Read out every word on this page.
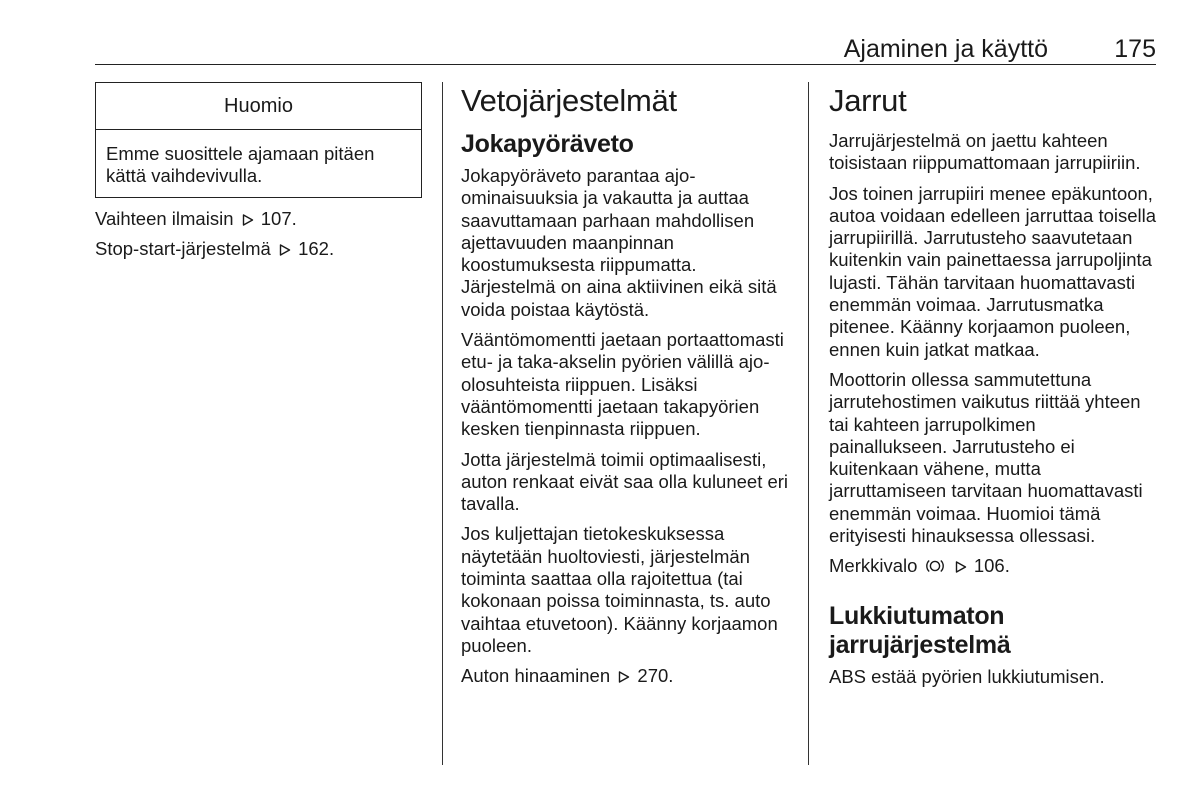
Ajaminen ja käyttö	175
Huomio
Emme suosittele ajamaan pitäen kättä vaihdevivulla.

Vaihteen ilmaisin 107.

Stop-start-järjestelmä 162.

Vetojärjestelmät
Jokapyöräveto

Jokapyöräveto parantaa ajo-ominaisuuksia ja vakautta ja auttaa saavuttamaan parhaan mahdollisen ajettavuuden maanpinnan koostumuksesta riippumatta. Järjestelmä on aina aktiivinen eikä sitä voida poistaa käytöstä.

Vääntömomentti jaetaan portaattomasti etu- ja taka-akselin pyörien välillä ajo-olosuhteista riippuen. Lisäksi vääntömomentti jaetaan takapyörien kesken tienpinnasta riippuen.

Jotta järjestelmä toimii optimaalisesti, auton renkaat eivät saa olla kuluneet eri tavalla.

Jos kuljettajan tietokeskuksessa näytetään huoltoviesti, järjestelmän toiminta saattaa olla rajoitettua (tai kokonaan poissa toiminnasta, ts. auto vaihtaa etuvetoon). Käänny korjaamon puoleen.

Auton hinaaminen 270.

Jarrut

Jarrujärjestelmä on jaettu kahteen toisistaan riippumattomaan jarrupiiriin.

Jos toinen jarrupiiri menee epäkuntoon, autoa voidaan edelleen jarruttaa toisella jarrupiirillä. Jarrutusteho saavutetaan kuitenkin vain painettaessa jarrupoljinta lujasti. Tähän tarvitaan huomattavasti enemmän voimaa. Jarrutusmatka pitenee. Käänny korjaamon puoleen, ennen kuin jatkat matkaa.

Moottorin ollessa sammutettuna jarrutehostimen vaikutus riittää yhteen tai kahteen jarrupolkimen painallukseen. Jarrutusteho ei kuitenkaan vähene, mutta jarruttamiseen tarvitaan huomattavasti enemmän voimaa. Huomioi tämä erityisesti hinauksessa ollessasi.

Merkkivalo	106.

Lukkiutumaton jarrujärjestelmä

ABS estää pyörien lukkiutumisen.
